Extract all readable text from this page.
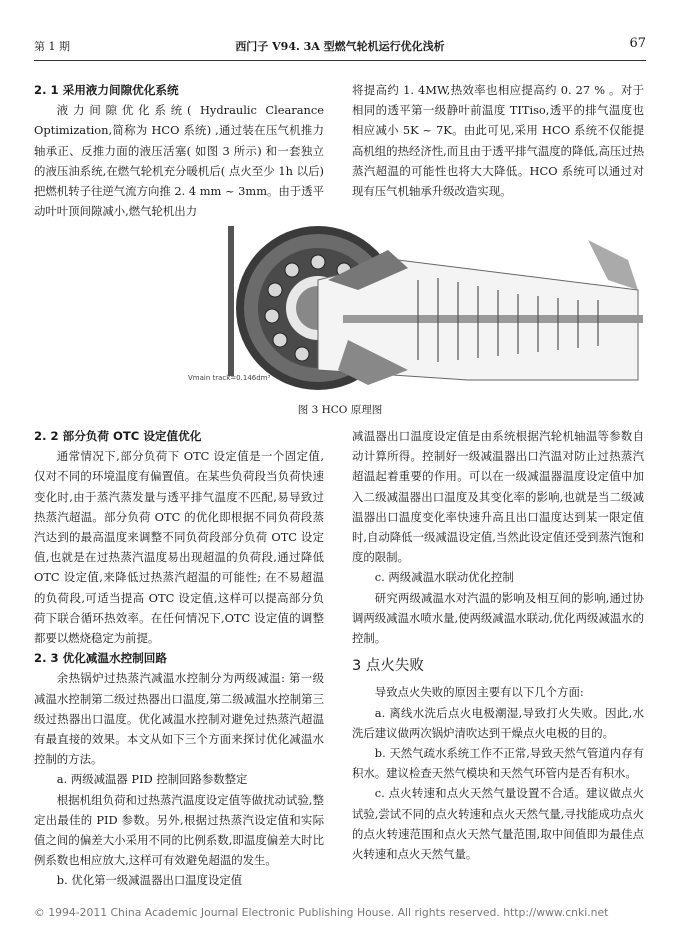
第 1 期	西门子 V94. 3A 型燃气轮机运行优化浅析	67
2. 1 采用液力间隙优化系统
液力间隙优化系统( Hydraulic Clearance Optimization,简称为 HCO 系统) ,通过装在压气机推力轴承正、反推力面的液压活塞( 如图 3 所示) 和一套独立的液压油系统,在燃气轮机充分暖机后( 点火至少 1h 以后) 把燃机转子往逆气流方向推 2. 4 mm ~ 3mm。由于透平动叶叶顶间隙减小,燃气轮机出力
将提高约 1. 4MW,热效率也相应提高约 0. 27 % 。对于相同的透平第一级静叶前温度 TITiso,透平的排气温度也相应减小 5K ~ 7K。由此可见,采用 HCO 系统不仅能提高机组的热经济性,而且由于透平排气温度的降低,高压过热蒸汽超温的可能性也将大大降低。HCO 系统可以通过对现有压气机轴承升级改造实现。
Vmain track=0.146dm³
图 3 HCO 原理图
2. 2 部分负荷 OTC 设定值优化
通常情况下,部分负荷下 OTC 设定值是一个固定值,仅对不同的环境温度有偏置值。在某些负荷段当负荷快速变化时,由于蒸汽蒸发量与透平排气温度不匹配,易导致过热蒸汽超温。部分负荷 OTC 的优化即根据不同负荷段蒸汽达到的最高温度来调整不同负荷段部分负荷 OTC 设定值,也就是在过热蒸汽温度易出现超温的负荷段,通过降低 OTC 设定值,来降低过热蒸汽超温的可能性; 在不易超温的负荷段,可适当提高 OTC 设定值,这样可以提高部分负荷下联合循环热效率。在任何情况下,OTC 设定值的调整都要以燃烧稳定为前提。
2. 3 优化减温水控制回路
余热锅炉过热蒸汽减温水控制分为两级减温: 第一级减温水控制第二级过热器出口温度,第二级减温水控制第三级过热器出口温度。优化减温水控制对避免过热蒸汽超温有最直接的效果。本文从如下三个方面来探讨优化减温水控制的方法。
a. 两级减温器 PID 控制回路参数整定
根据机组负荷和过热蒸汽温度设定值等做扰动试验,整定出最佳的 PID 参数。另外,根据过热蒸汽设定值和实际值之间的偏差大小采用不同的比例系数,即温度偏差大时比例系数也相应放大,这样可有效避免超温的发生。
b. 优化第一级减温器出口温度设定值
减温器出口温度设定值是由系统根据汽轮机轴温等参数自动计算所得。控制好一级减温器出口汽温对防止过热蒸汽超温起着重要的作用。可以在一级减温器温度设定值中加入二级减温器出口温度及其变化率的影响,也就是当二级减温器出口温度变化率快速升高且出口温度达到某一限定值时,自动降低一级减温设定值,当然此设定值还受到蒸汽饱和度的限制。
c. 两级减温水联动优化控制
研究两级减温水对汽温的影响及相互间的影响,通过协调两级减温水喷水量,使两级减温水联动,优化两级减温水的控制。
3 点火失败
导致点火失败的原因主要有以下几个方面:
a. 离线水洗后点火电极潮湿,导致打火失败。因此,水洗后建议做两次锅炉清吹达到干燥点火电极的目的。
b. 天然气疏水系统工作不正常,导致天然气管道内存有积水。建议检查天然气模块和天然气环管内是否有积水。
c. 点火转速和点火天然气量设置不合适。建议做点火试验,尝试不同的点火转速和点火天然气量,寻找能成功点火的点火转速范围和点火天然气量范围,取中间值即为最佳点火转速和点火天然气量。
© 1994-2011 China Academic Journal Electronic Publishing House. All rights reserved. http://www.cnki.net
